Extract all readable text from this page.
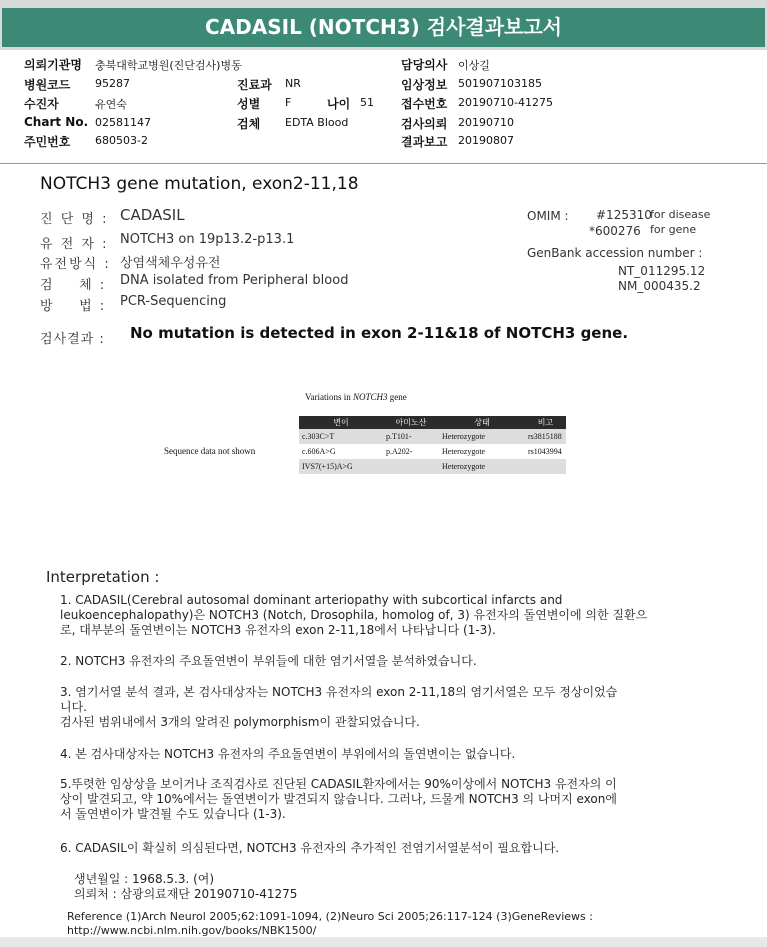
CADASIL (NOTCH3) 검사결과보고서
의뢰기관명 충북대학교병원(진단검사)병동
병원코드 95287
수진자	유연숙
Chart No. 02581147
주민번호 680503-2
진료과 NR
성별 F	나이 51
검체 EDTA Blood
담당의사 이상길
임상정보 501907103185
접수번호 20190710-41275
검사의뢰 20190710
결과보고 20190807
NOTCH3 gene mutation, exon2-11,18
진 단 명 : CADASIL
유 전 자 : NOTCH3 on 19p13.2-p13.1
유전방식 : 상염색체우성유전
검    체 : DNA isolated from Peripheral blood
방    법 : PCR-Sequencing
OMIM : #125310
for disease
*600276 for gene
GenBank accession number :
NT_011295.12
NM_000435.2
검사결과 : No mutation is detected in exon 2-11&18 of NOTCH3 gene.
Variations in NOTCH3 gene
Sequence data not shown
변이	아미노산	상태	비고
c.303C>T	p.T101-	Heterozygote	rs3815188
c.606A>G	p.A202-	Heterozygote	rs1043994
IVS7(+15)A>G		Heterozygote	
Interpretation :
1. CADASIL(Cerebral autosomal dominant arteriopathy with subcortical infarcts and
leukoencephalopathy)은 NOTCH3 (Notch, Drosophila, homolog of, 3) 유전자의 돌연변이에 의한 질환으
로, 대부분의 돌연변이는 NOTCH3 유전자의 exon 2-11,18에서 나타납니다 (1-3).
2. NOTCH3 유전자의 주요돌연변이 부위들에 대한 염기서열을 분석하였습니다.
3. 염기서열 분석 결과, 본 검사대상자는 NOTCH3 유전자의 exon 2-11,18의 염기서열은 모두 정상이었습
니다.
검사된 범위내에서 3개의 알려진 polymorphism이 관찰되었습니다.
4. 본 검사대상자는 NOTCH3 유전자의 주요돌연변이 부위에서의 돌연변이는 없습니다.
5.뚜렷한 임상상을 보이거나 조직검사로 진단된 CADASIL환자에서는 90%이상에서 NOTCH3 유전자의 이
상이 발견되고, 약 10%에서는 돌연변이가 발견되지 않습니다. 그러나, 드물게 NOTCH3 의 나머지 exon에
서 돌연변이가 발견될 수도 있습니다 (1-3).
6. CADASIL이 확실히 의심된다면, NOTCH3 유전자의 추가적인 전염기서열분석이 필요합니다.
생년월일 : 1968.5.3. (여)
의뢰처 : 삼광의료재단 20190710-41275
Reference (1)Arch Neurol 2005;62:1091-1094, (2)Neuro Sci 2005;26:117-124 (3)GeneReviews :
http://www.ncbi.nlm.nih.gov/books/NBK1500/
